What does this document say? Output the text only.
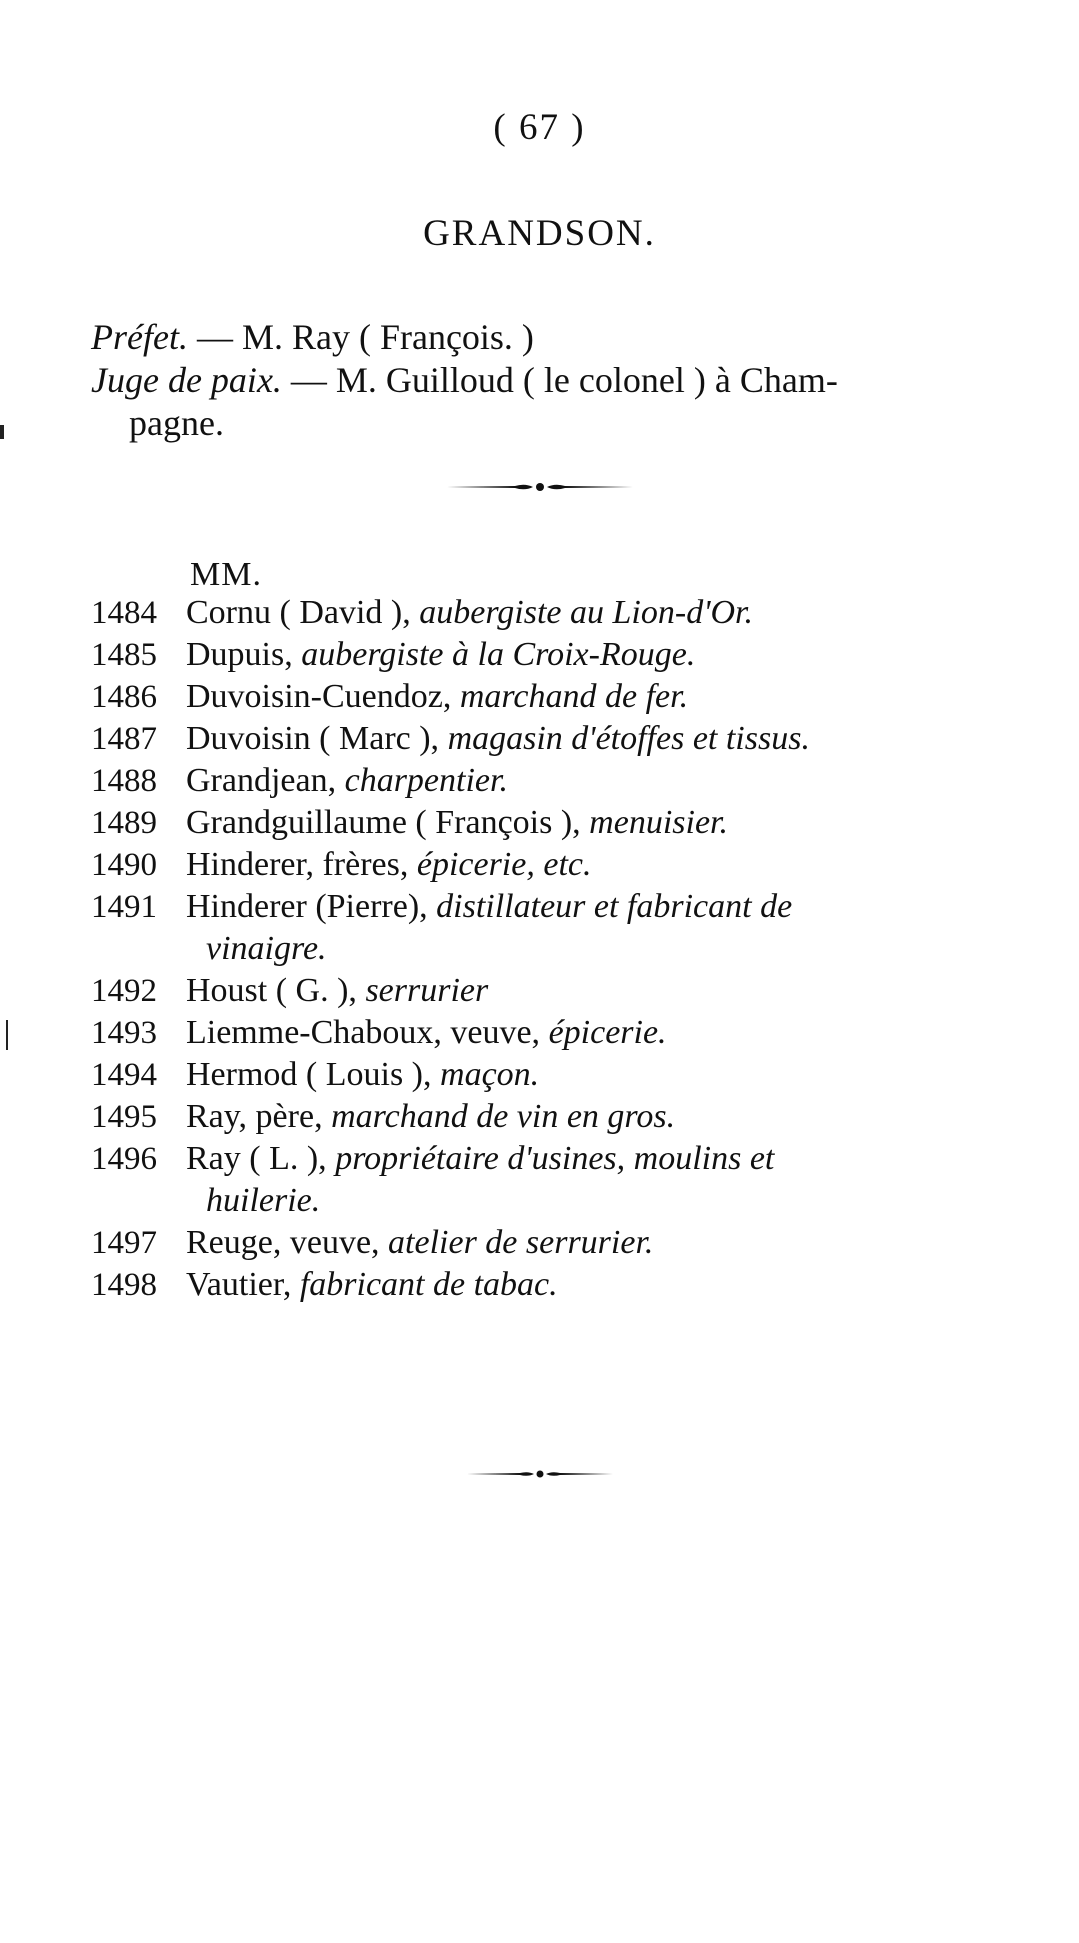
( 67 )
GRANDSON.
Préfet. — M. Ray ( François. )
Juge de paix. — M. Guilloud ( le colonel ) à Cham-
pagne.
MM.
1484 Cornu ( David ), aubergiste au Lion-d'Or.
1485 Dupuis, aubergiste à la Croix-Rouge.
1486 Duvoisin-Cuendoz, marchand de fer.
1487 Duvoisin ( Marc ), magasin d'étoffes et tissus.
1488 Grandjean, charpentier.
1489 Grandguillaume ( François ), menuisier.
1490 Hinderer, frères, épicerie, etc.
1491 Hinderer (Pierre), distillateur et fabricant de
vinaigre.
1492 Houst ( G. ), serrurier
1493 Liemme-Chaboux, veuve, épicerie.
1494 Hermod ( Louis ), maçon.
1495 Ray, père, marchand de vin en gros.
1496 Ray ( L. ), propriétaire d'usines, moulins et
huilerie.
1497 Reuge, veuve, atelier de serrurier.
1498 Vautier, fabricant de tabac.
